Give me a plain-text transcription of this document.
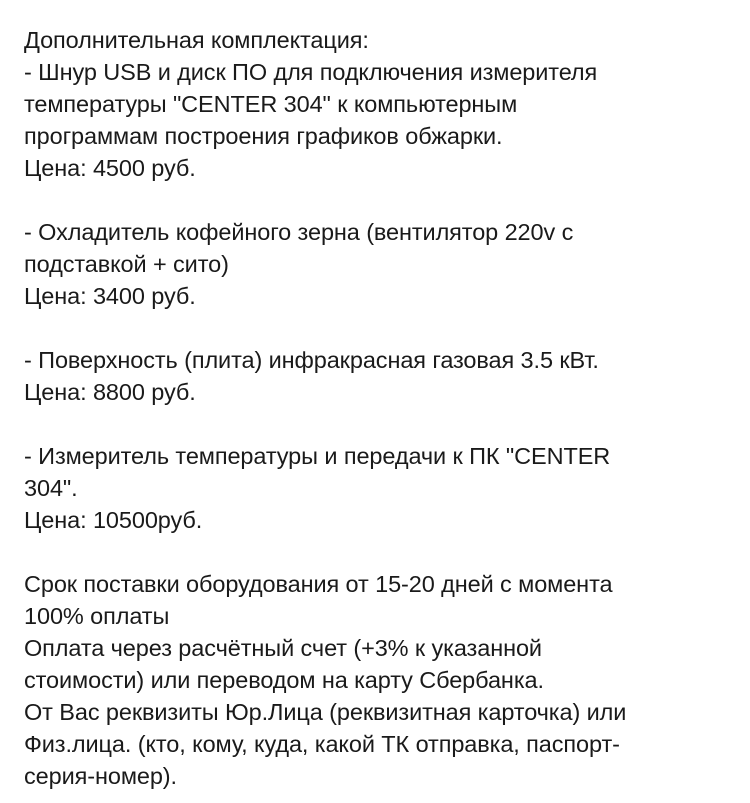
Дополнительная комплектация:
- Шнур USB и диск ПО для подключения измерителя
температуры "CENTER 304" к компьютерным
программам построения графиков обжарки.
Цена: 4500 руб.
- Охладитель кофейного зерна (вентилятор 220v с
подставкой + сито)
Цена: 3400 руб.
- Поверхность (плита) инфракрасная газовая 3.5 кВт.
Цена: 8800 руб.
- Измеритель температуры и передачи к ПК "CENTER
304".
Цена: 10500руб.
Срок поставки оборудования от 15-20 дней с момента
100% оплаты
Оплата через расчётный счет (+3% к указанной
стоимости) или переводом на карту Сбербанка.
От Вас реквизиты Юр.Лица (реквизитная карточка) или
Физ.лица. (кто, кому, куда, какой ТК отправка, паспорт-
серия-номер).
